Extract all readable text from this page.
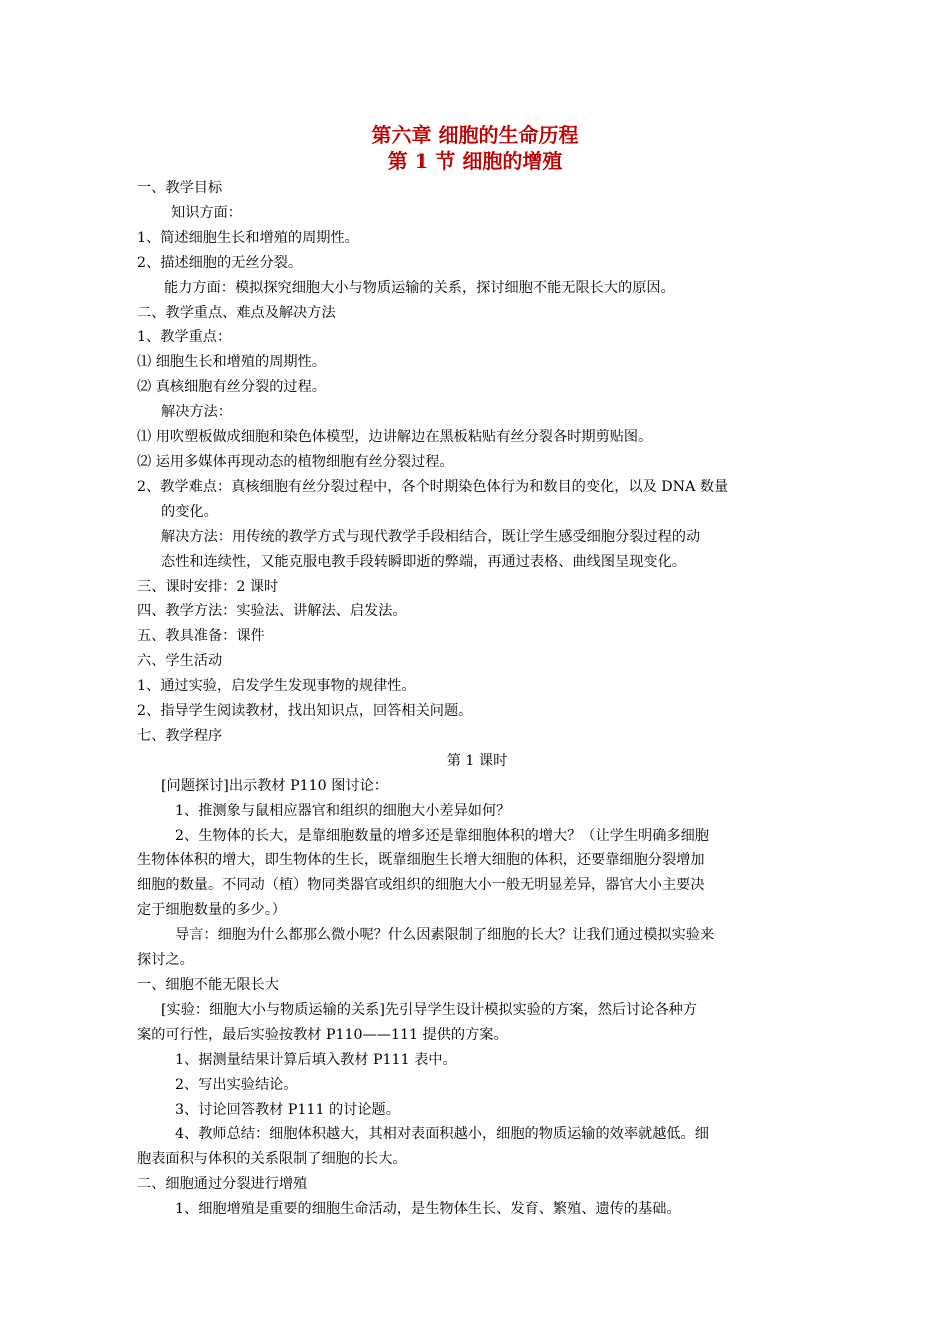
第六章 细胞的生命历程
第 1 节 细胞的增殖

一、教学目标

知识方面：

1、简述细胞生长和增殖的周期性。

2、描述细胞的无丝分裂。

能力方面：模拟探究细胞大小与物质运输的关系，探讨细胞不能无限长大的原因。

二、教学重点、难点及解决方法

1、教学重点：

⑴ 细胞生长和增殖的周期性。

⑵ 真核细胞有丝分裂的过程。

解决方法：

⑴ 用吹塑板做成细胞和染色体模型，边讲解边在黑板粘贴有丝分裂各时期剪贴图。

⑵ 运用多媒体再现动态的植物细胞有丝分裂过程。

2、教学难点：真核细胞有丝分裂过程中，各个时期染色体行为和数目的变化，以及 DNA 数量

的变化。

解决方法：用传统的教学方式与现代教学手段相结合，既让学生感受细胞分裂过程的动

态性和连续性，又能克服电教手段转瞬即逝的弊端，再通过表格、曲线图呈现变化。

三、课时安排：2 课时

四、教学方法：实验法、讲解法、启发法。

五、教具准备：课件

六、学生活动

1、通过实验，启发学生发现事物的规律性。

2、指导学生阅读教材，找出知识点，回答相关问题。

七、教学程序

第 1 课时

[问题探讨]出示教材 P110 图讨论：

1、推测象与鼠相应器官和组织的细胞大小差异如何？

2、生物体的长大，是靠细胞数量的增多还是靠细胞体积的增大？（让学生明确多细胞

生物体体积的增大，即生物体的生长，既靠细胞生长增大细胞的体积，还要靠细胞分裂增加

细胞的数量。不同动（植）物同类器官或组织的细胞大小一般无明显差异，器官大小主要决

定于细胞数量的多少。）

导言：细胞为什么都那么微小呢？什么因素限制了细胞的长大？让我们通过模拟实验来

探讨之。

一、细胞不能无限长大

[实验：细胞大小与物质运输的关系]先引导学生设计模拟实验的方案，然后讨论各种方

案的可行性，最后实验按教材 P110——111 提供的方案。

1、据测量结果计算后填入教材 P111 表中。

2、写出实验结论。

3、讨论回答教材 P111 的讨论题。

4、教师总结：细胞体积越大，其相对表面积越小，细胞的物质运输的效率就越低。细

胞表面积与体积的关系限制了细胞的长大。

二、细胞通过分裂进行增殖

1、细胞增殖是重要的细胞生命活动，是生物体生长、发育、繁殖、遗传的基础。
